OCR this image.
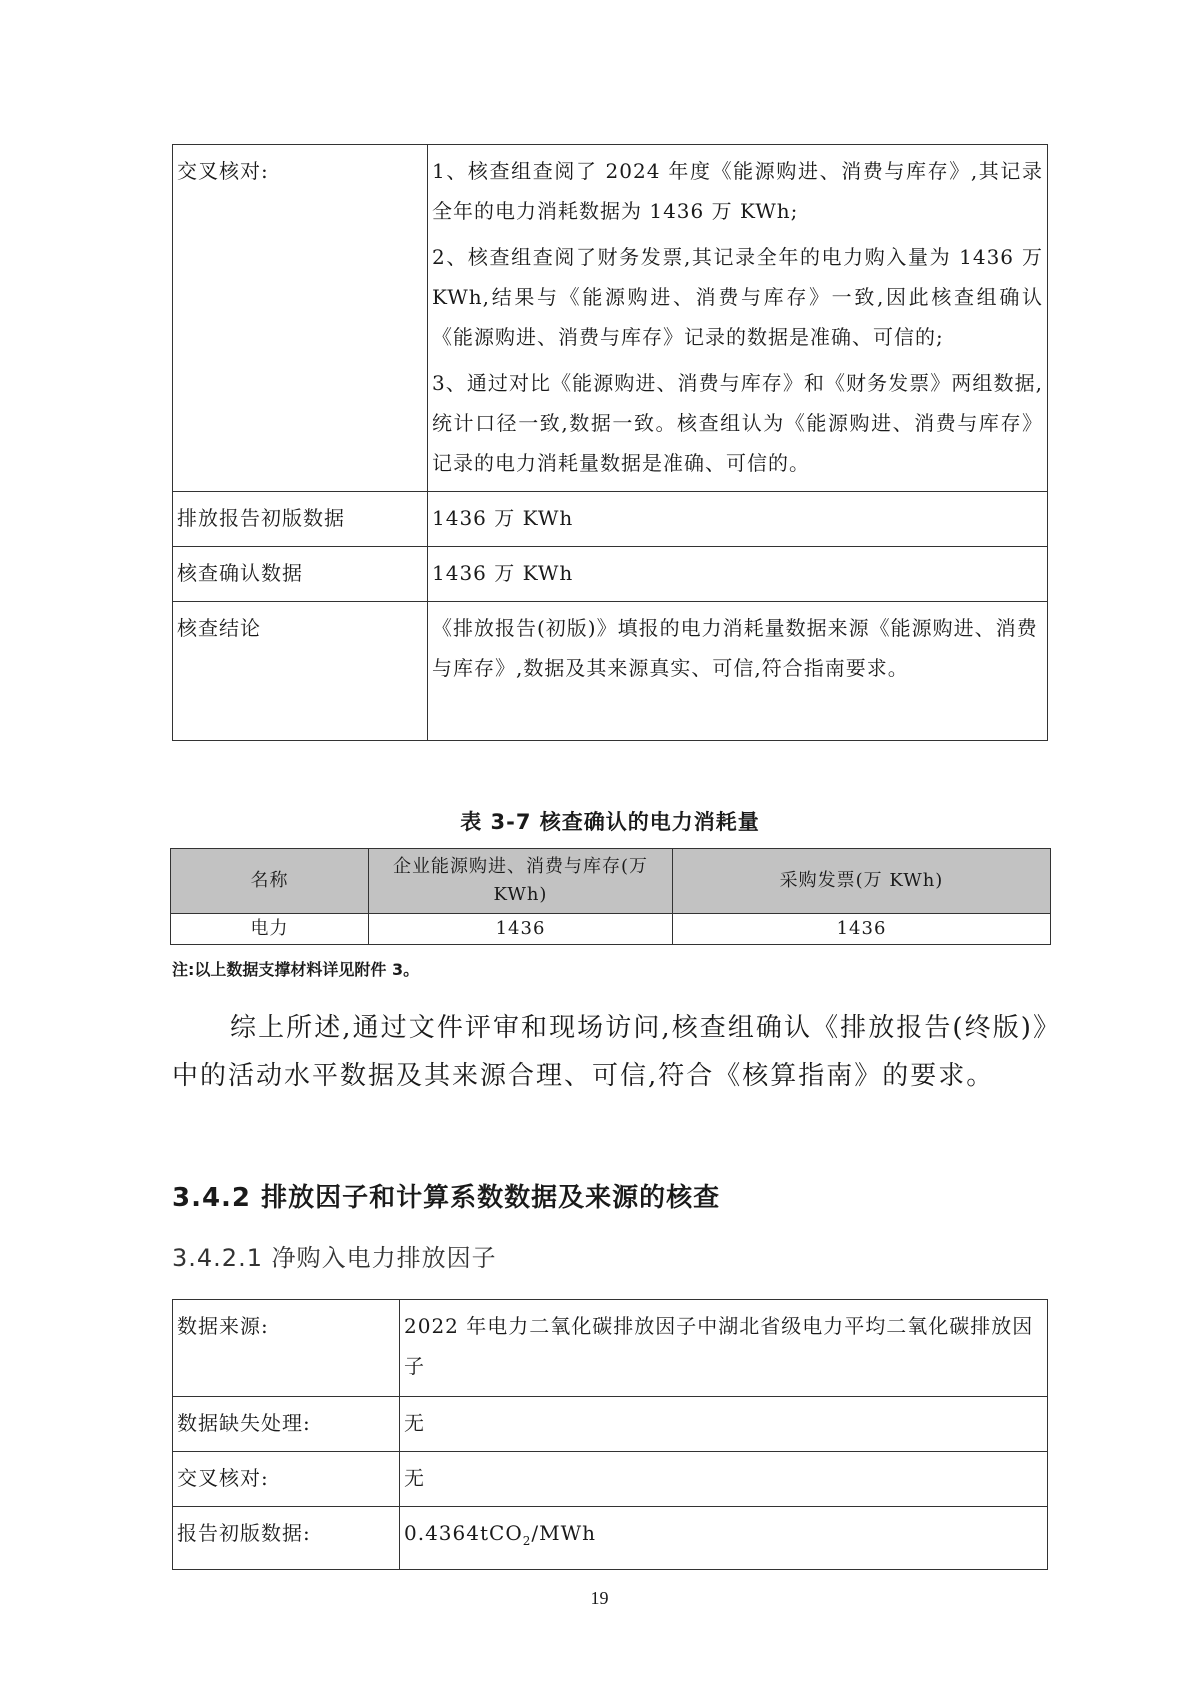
交叉核对:	1、核查组查阅了 2024 年度《能源购进、消费与库存》,其记录全年的电力消耗数据为 1436 万 KWh;

2、核查组查阅了财务发票,其记录全年的电力购入量为 1436 万 KWh,结果与《能源购进、消费与库存》一致,因此核查组确认《能源购进、消费与库存》记录的数据是准确、可信的;

3、通过对比《能源购进、消费与库存》和《财务发票》两组数据,统计口径一致,数据一致。核查组认为《能源购进、消费与库存》记录的电力消耗量数据是准确、可信的。

排放报告初版数据	1436 万 KWh
核查确认数据	1436 万 KWh
核查结论	《排放报告(初版)》填报的电力消耗量数据来源《能源购进、消费与库存》,数据及其来源真实、可信,符合指南要求。
表 3-7 核查确认的电力消耗量
名称	企业能源购进、消费与库存(万 KWh)	采购发票(万 KWh)
电力	1436	1436
注:以上数据支撑材料详见附件 3。

综上所述,通过文件评审和现场访问,核查组确认《排放报告(终版)》中的活动水平数据及其来源合理、可信,符合《核算指南》的要求。

3.4.2 排放因子和计算系数数据及来源的核查
3.4.2.1 净购入电力排放因子
数据来源:	2022 年电力二氧化碳排放因子中湖北省级电力平均二氧化碳排放因子
数据缺失处理:	无
交叉核对:	无
报告初版数据:	0.4364tCO$_2$/MWh
19
